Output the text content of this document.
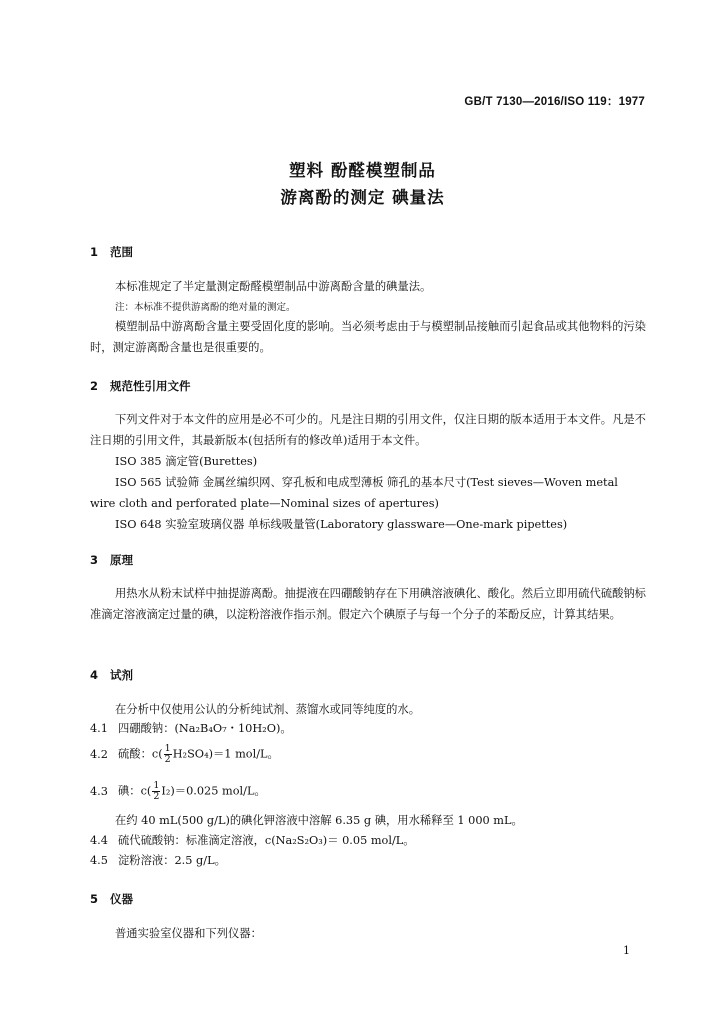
GB/T 7130—2016/ISO 119：1977
塑料 酚醛模塑制品
游离酚的测定 碘量法
1 范围
本标准规定了半定量测定酚醛模塑制品中游离酚含量的碘量法。
注：本标准不提供游离酚的绝对量的测定。
模塑制品中游离酚含量主要受固化度的影响。当必须考虑由于与模塑制品接触而引起食品或其他物料的污染时，测定游离酚含量也是很重要的。
2 规范性引用文件
下列文件对于本文件的应用是必不可少的。凡是注日期的引用文件，仅注日期的版本适用于本文件。凡是不注日期的引用文件，其最新版本(包括所有的修改单)适用于本文件。
ISO 385 滴定管(Burettes)
ISO 565 试验筛 金属丝编织网、穿孔板和电成型薄板 筛孔的基本尺寸(Test sieves—Woven metal wire cloth and perforated plate—Nominal sizes of apertures)
ISO 648 实验室玻璃仪器 单标线吸量管(Laboratory glassware—One-mark pipettes)
3 原理
用热水从粉末试样中抽提游离酚。抽提液在四硼酸钠存在下用碘溶液碘化、酸化。然后立即用硫代硫酸钠标准滴定溶液滴定过量的碘，以淀粉溶液作指示剂。假定六个碘原子与每一个分子的苯酚反应，计算其结果。
4 试剂
在分析中仅使用公认的分析纯试剂、蒸馏水或同等纯度的水。
4.1 四硼酸钠：(Na₂B₄O₇・10H₂O)。
4.2 硫酸：$c( \frac{1}{2} H_2SO_4)=1$ mol/L。
4.3 碘：$c( \frac{1}{2} I_2)=0.025$ mol/L。
在约 40 mL(500 g/L)的碘化钾溶液中溶解 6.35 g 碘，用水稀释至 1 000 mL。
4.4 硫代硫酸钠：标准滴定溶液，c(Na₂S₂O₃)＝ 0.05 mol/L。
4.5 淀粉溶液：2.5 g/L。
5 仪器
普通实验室仪器和下列仪器：
1
